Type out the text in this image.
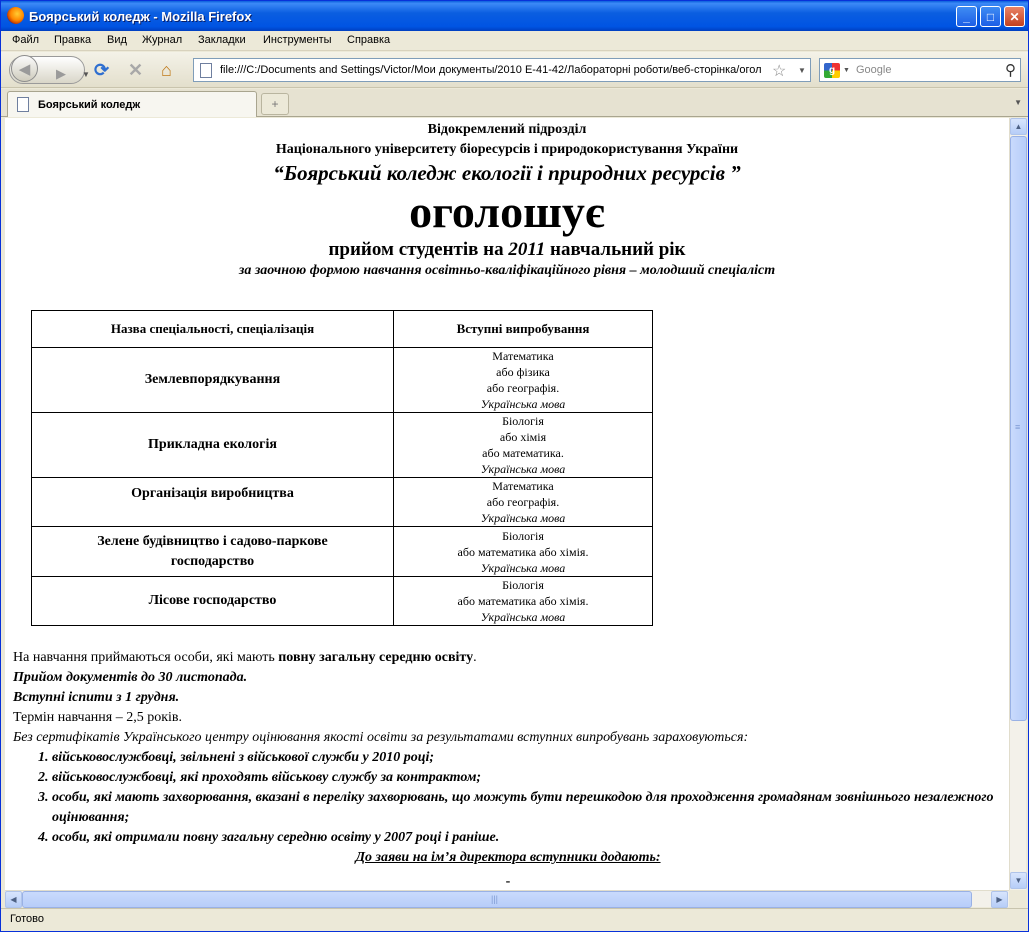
Боярський коледж - Mozilla Firefox	_	□	✕
Файл Правка Вид Журнал Закладки Инструменты Справка
▶ ▼
◀	⟳ ✕ ⌂	file:///C:/Documents and Settings/Victor/Мои документы/2010 E-41-42/Лабораторні роботи/веб-сторінка/огол ☆ ▼	g	▼ Google	⚲
Боярський коледж	+	▼
Відокремлений підрозділ
Національного університету біоресурсів і природокористування України
“Боярський коледж екології і природних ресурсів ”
оголошує
прийом студентів на 2011 навчальний рік
за заочною формою навчання освітньо-кваліфікаційного рівня – молодший спеціаліст
Назва спеціальності, спеціалізація	Вступні випробування
Землевпорядкування	Математика
або фізика
або географія.
Українська мова

Прикладна екологія	Біологія
або хімія
або математика.
Українська мова

Організація виробництва	Математика
або географія.
Українська мова

Зелене будівництво і садово-паркове господарство	Біологія
або математика або хімія.
Українська мова

Лісове господарство	Біологія
або математика або хімія.
Українська мова
На навчання приймаються особи, які мають повну загальну середню освіту.
Прийом документів до 30 листопада.
Вступні іспити з 1 грудня.
Термін навчання – 2,5 років.
Без сертифікатів Українського центру оцінювання якості освіти за результатами вступних випробувань зараховуються:
1. військовослужбовці, звільнені з військової служби у 2010 році;
2. військовослужбовці, які проходять військову службу за контрактом;
3. особи, які мають захворювання, вказані в переліку захворювань, що можуть бути перешкодою для проходження громадянам зовнішнього незалежного оцінювання;
4. особи, які отримали повну загальну середню освіту у 2007 році і раніше.
До заяви на ім’я директора вступники додають:
-
▲
≡
▼
◀	|||	▶
Готово
